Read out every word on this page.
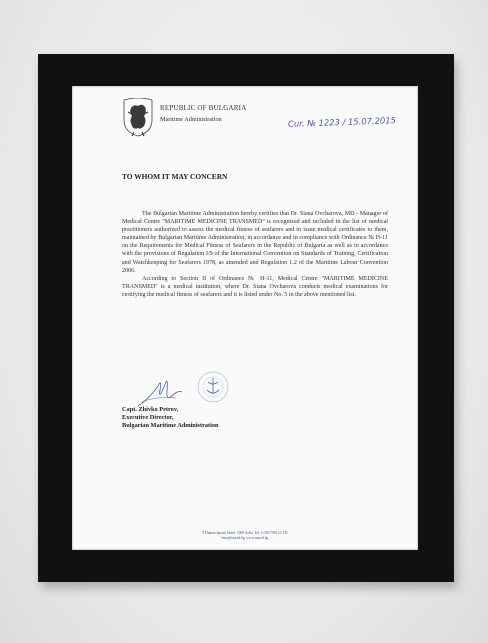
REPUBLIC OF BULGARIA
Maritime Administration	Cur. № 1223 / 15.07.2015
TO WHOM IT MAY CONCERN

The Bulgarian Maritime Administration hereby certifies that Dr. Siana Ovcharova, MD - Manager of Medical Centre "MARITIME MEDICINE TRANSMED" is recognized and included in the list of medical practitioners authorized to assess the medical fitness of seafarers and to issue medical certificates to them, maintained by Bulgarian Maritime Administration, in accordance and in compliance with Ordinance № H-11 on the Requirements for Medical Fitness of Seafarers in the Republic of Bulgaria as well as in accordance with the provisions of Regulation I/9 of the International Convention on Standards of Training, Certification and Watchkeeping for Seafarers 1978, as amended and Regulation 1.2 of the Maritime Labour Convention 2006.

According to Section II of Ordinance № H-11, Medical Centre "MARITIME MEDICINE TRANSMED" is a medical institution, where Dr. Siana Ovcharova conducts medical examinations for certifying the medical fitness of seafarers and it is listed under No. 5 in the above mentioned list.

Capt. Zhivko Petrov,
Executive Director,
Bulgarian Maritime Administration
9 Diakon Ignatii Street, 1000 Sofia, Tel: (+359 700) 10 145
bma@marad.bg, www.marad.bg
